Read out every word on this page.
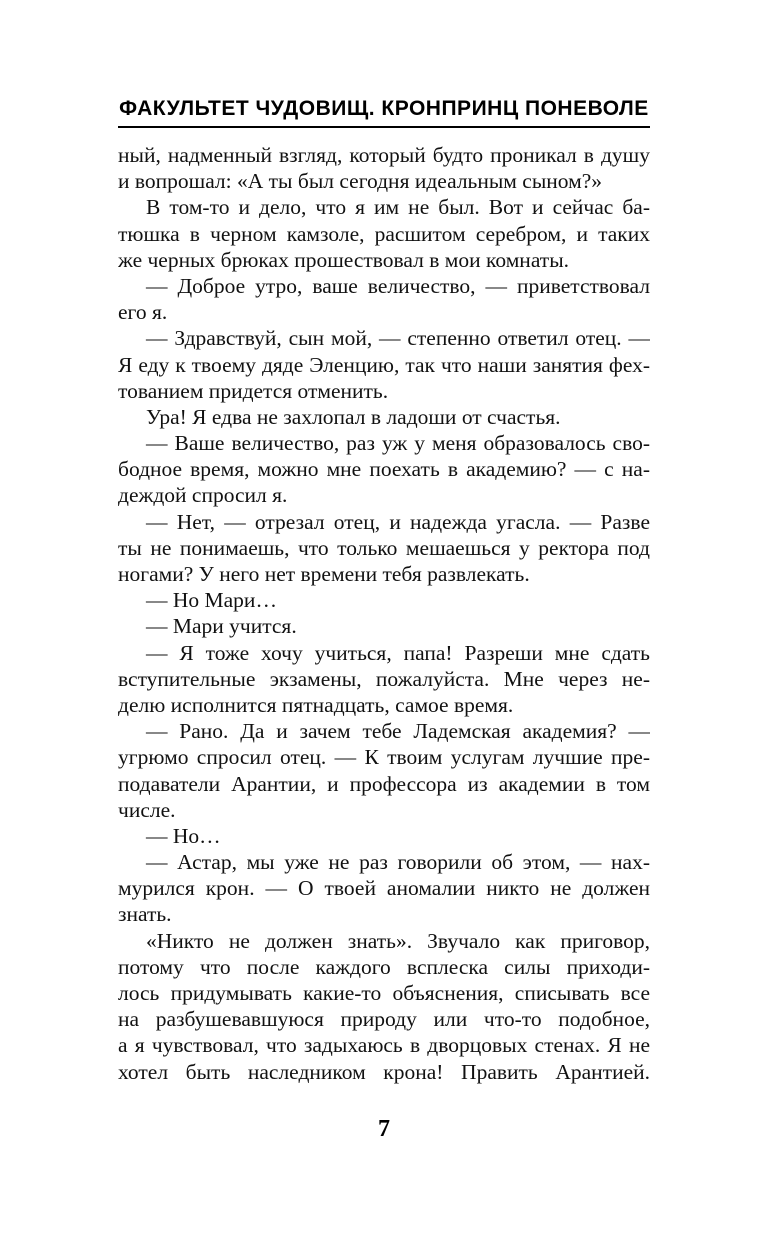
ФАКУЛЬТЕТ ЧУДОВИЩ. КРОНПРИНЦ ПОНЕВОЛЕ
ный, надменный взгляд, который будто проникал в душу
и вопрошал: «А ты был сегодня идеальным сыном?»
В том-то и дело, что я им не был. Вот и сейчас ба-
тюшка в черном камзоле, расшитом серебром, и таких
же черных брюках прошествовал в мои комнаты.
— Доброе утро, ваше величество, — приветствовал
его я.
— Здравствуй, сын мой, — степенно ответил отец. —
Я еду к твоему дяде Эленцию, так что наши занятия фех-
тованием придется отменить.
Ура! Я едва не захлопал в ладоши от счастья.
— Ваше величество, раз уж у меня образовалось сво-
бодное время, можно мне поехать в академию? — с на-
деждой спросил я.
— Нет, — отрезал отец, и надежда угасла. — Разве
ты не понимаешь, что только мешаешься у ректора под
ногами? У него нет времени тебя развлекать.
— Но Мари…
— Мари учится.
— Я тоже хочу учиться, папа! Разреши мне сдать
вступительные экзамены, пожалуйста. Мне через не-
делю исполнится пятнадцать, самое время.
— Рано. Да и зачем тебе Ладемская академия? —
угрюмо спросил отец. — К твоим услугам лучшие пре-
подаватели Арантии, и профессора из академии в том
числе.
— Но…
— Астар, мы уже не раз говорили об этом, — нах-
мурился крон. — О твоей аномалии никто не должен
знать.
«Никто не должен знать». Звучало как приговор,
потому что после каждого всплеска силы приходи-
лось придумывать какие-то объяснения, списывать все
на разбушевавшуюся природу или что-то подобное,
а я чувствовал, что задыхаюсь в дворцовых стенах. Я не
хотел быть наследником крона! Править Арантией.
7
